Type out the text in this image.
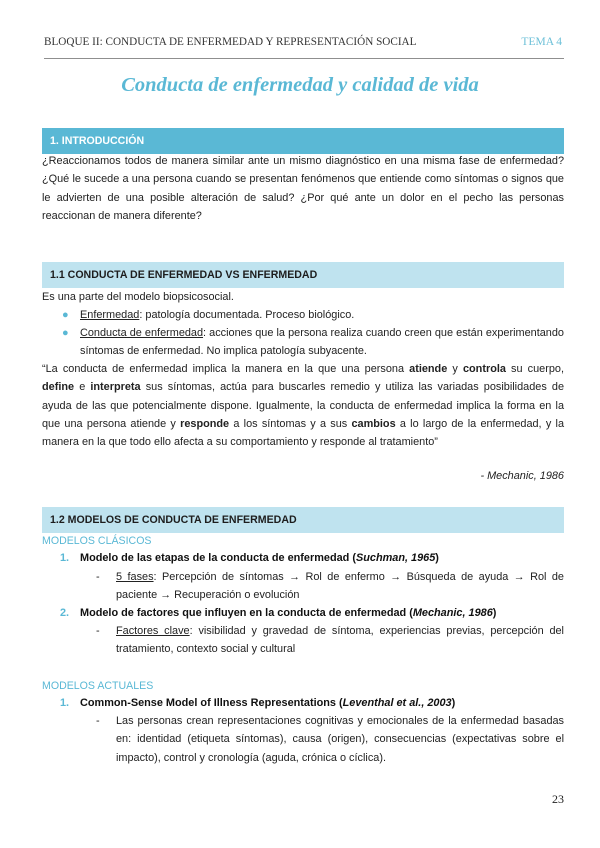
BLOQUE II: CONDUCTA DE ENFERMEDAD Y REPRESENTACIÓN SOCIAL	TEMA 4
Conducta de enfermedad y calidad de vida
1. INTRODUCCIÓN

¿Reaccionamos todos de manera similar ante un mismo diagnóstico en una misma fase de enfermedad? ¿Qué le sucede a una persona cuando se presentan fenómenos que entiende como síntomas o signos que le advierten de una posible alteración de salud? ¿Por qué ante un dolor en el pecho las personas reaccionan de manera diferente?

1.1 CONDUCTA DE ENFERMEDAD VS ENFERMEDAD

Es una parte del modelo biopsicosocial.

●	Enfermedad: patología documentada. Proceso biológico.

●	Conducta de enfermedad: acciones que la persona realiza cuando creen que están experimentando síntomas de enfermedad. No implica patología subyacente.

“La conducta de enfermedad implica la manera en la que una persona atiende y controla su cuerpo, define e interpreta sus síntomas, actúa para buscarles remedio y utiliza las variadas posibilidades de ayuda de las que potencialmente dispone. Igualmente, la conducta de enfermedad implica la forma en la que una persona atiende y responde a los síntomas y a sus cambios a lo largo de la enfermedad, y la manera en la que todo ello afecta a su comportamiento y responde al tratamiento”

- Mechanic, 1986
1.2 MODELOS DE CONDUCTA DE ENFERMEDAD
MODELOS CLÁSICOS
1.	Modelo de las etapas de la conducta de enfermedad (Suchman, 1965)
-	5 fases: Percepción de síntomas → Rol de enfermo → Búsqueda de ayuda → Rol de paciente → Recuperación o evolución

2.	Modelo de factores que influyen en la conducta de enfermedad (Mechanic, 1986)
-	Factores clave: visibilidad y gravedad de síntoma, experiencias previas, percepción del tratamiento, contexto social y cultural

MODELOS ACTUALES
1.	Common-Sense Model of Illness Representations (Leventhal et al., 2003)
-	Las personas crean representaciones cognitivas y emocionales de la enfermedad basadas en: identidad (etiqueta síntomas), causa (origen), consecuencias (expectativas sobre el impacto), control y cronología (aguda, crónica o cíclica).

23
